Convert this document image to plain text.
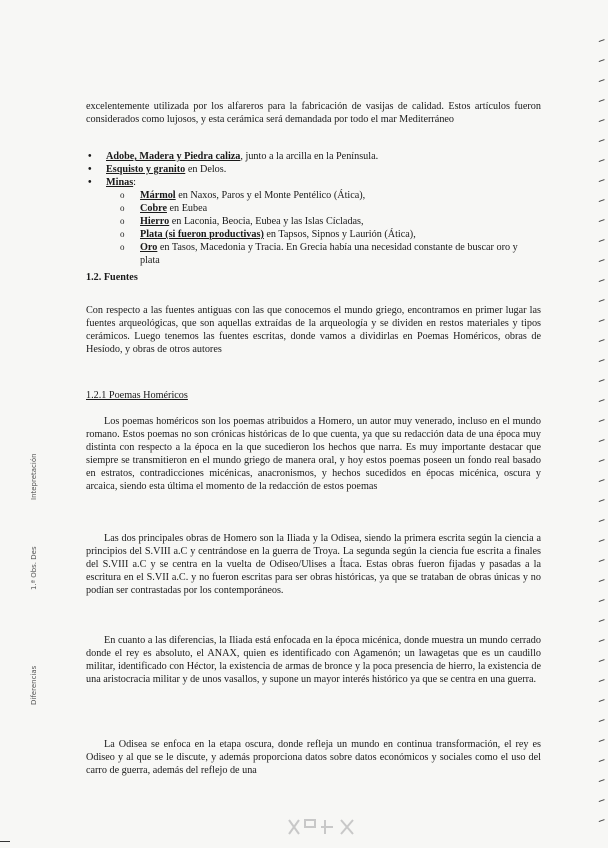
excelentemente utilizada por los alfareros para la fabricación de vasijas de calidad. Estos artículos fueron considerados como lujosos, y esta cerámica será demandada por todo el mar Mediterráneo

• Adobe, Madera y Piedra caliza, junto a la arcilla en la Península.
• Esquisto y granito en Delos.
• Minas:
o Mármol en Naxos, Paros y el Monte Pentélico (Ática),
o Cobre en Eubea
o Hierro en Laconia, Beocia, Eubea y las Islas Cícladas,
o Plata (si fueron productivas) en Tapsos, Sipnos y Laurión (Ática),
o Oro en Tasos, Macedonia y Tracia. En Grecia había una necesidad constante de buscar oro y plata
1.2. Fuentes

Con respecto a las fuentes antiguas con las que conocemos el mundo griego, encontramos en primer lugar las fuentes arqueológicas, que son aquellas extraídas de la arqueología y se dividen en restos materiales y tipos cerámicos. Luego tenemos las fuentes escritas, donde vamos a dividirlas en Poemas Homéricos, obras de Hesíodo, y obras de otros autores

1.2.1 Poemas Homéricos

Los poemas homéricos son los poemas atribuidos a Homero, un autor muy venerado, incluso en el mundo romano. Estos poemas no son crónicas históricas de lo que cuenta, ya que su redacción data de una época muy distinta con respecto a la época en la que sucedieron los hechos que narra. Es muy importante destacar que siempre se transmitieron en el mundo griego de manera oral, y hoy estos poemas poseen un fondo real basado en estratos, contradicciones micénicas, anacronismos, y hechos sucedidos en épocas micénica, oscura y arcaica, siendo esta última el momento de la redacción de estos poemas

Las dos principales obras de Homero son la Iliada y la Odisea, siendo la primera escrita según la ciencia a principios del S.VIII a.C y centrándose en la guerra de Troya. La segunda según la ciencia fue escrita a finales del S.VIII a.C y se centra en la vuelta de Odiseo/Ulises a Ítaca. Estas obras fueron fijadas y pasadas a la escritura en el S.VII a.C. y no fueron escritas para ser obras históricas, ya que se trataban de obras únicas y no podían ser contrastadas por los contemporáneos.

En cuanto a las diferencias, la Iliada está enfocada en la época micénica, donde muestra un mundo cerrado donde el rey es absoluto, el ANAX, quien es identificado con Agamenón; un lawagetas que es un caudillo militar, identificado con Héctor, la existencia de armas de bronce y la poca presencia de hierro, la existencia de una aristocracia militar y de unos vasallos, y supone un mayor interés histórico ya que se centra en una guerra.

La Odisea se enfoca en la etapa oscura, donde refleja un mundo en continua transformación, el rey es Odiseo y al que se le discute, y además proporciona datos sobre datos económicos y sociales como el uso del carro de guerra, además del reflejo de una

Intepretación
1.ª Obs. Des
Diferencias
